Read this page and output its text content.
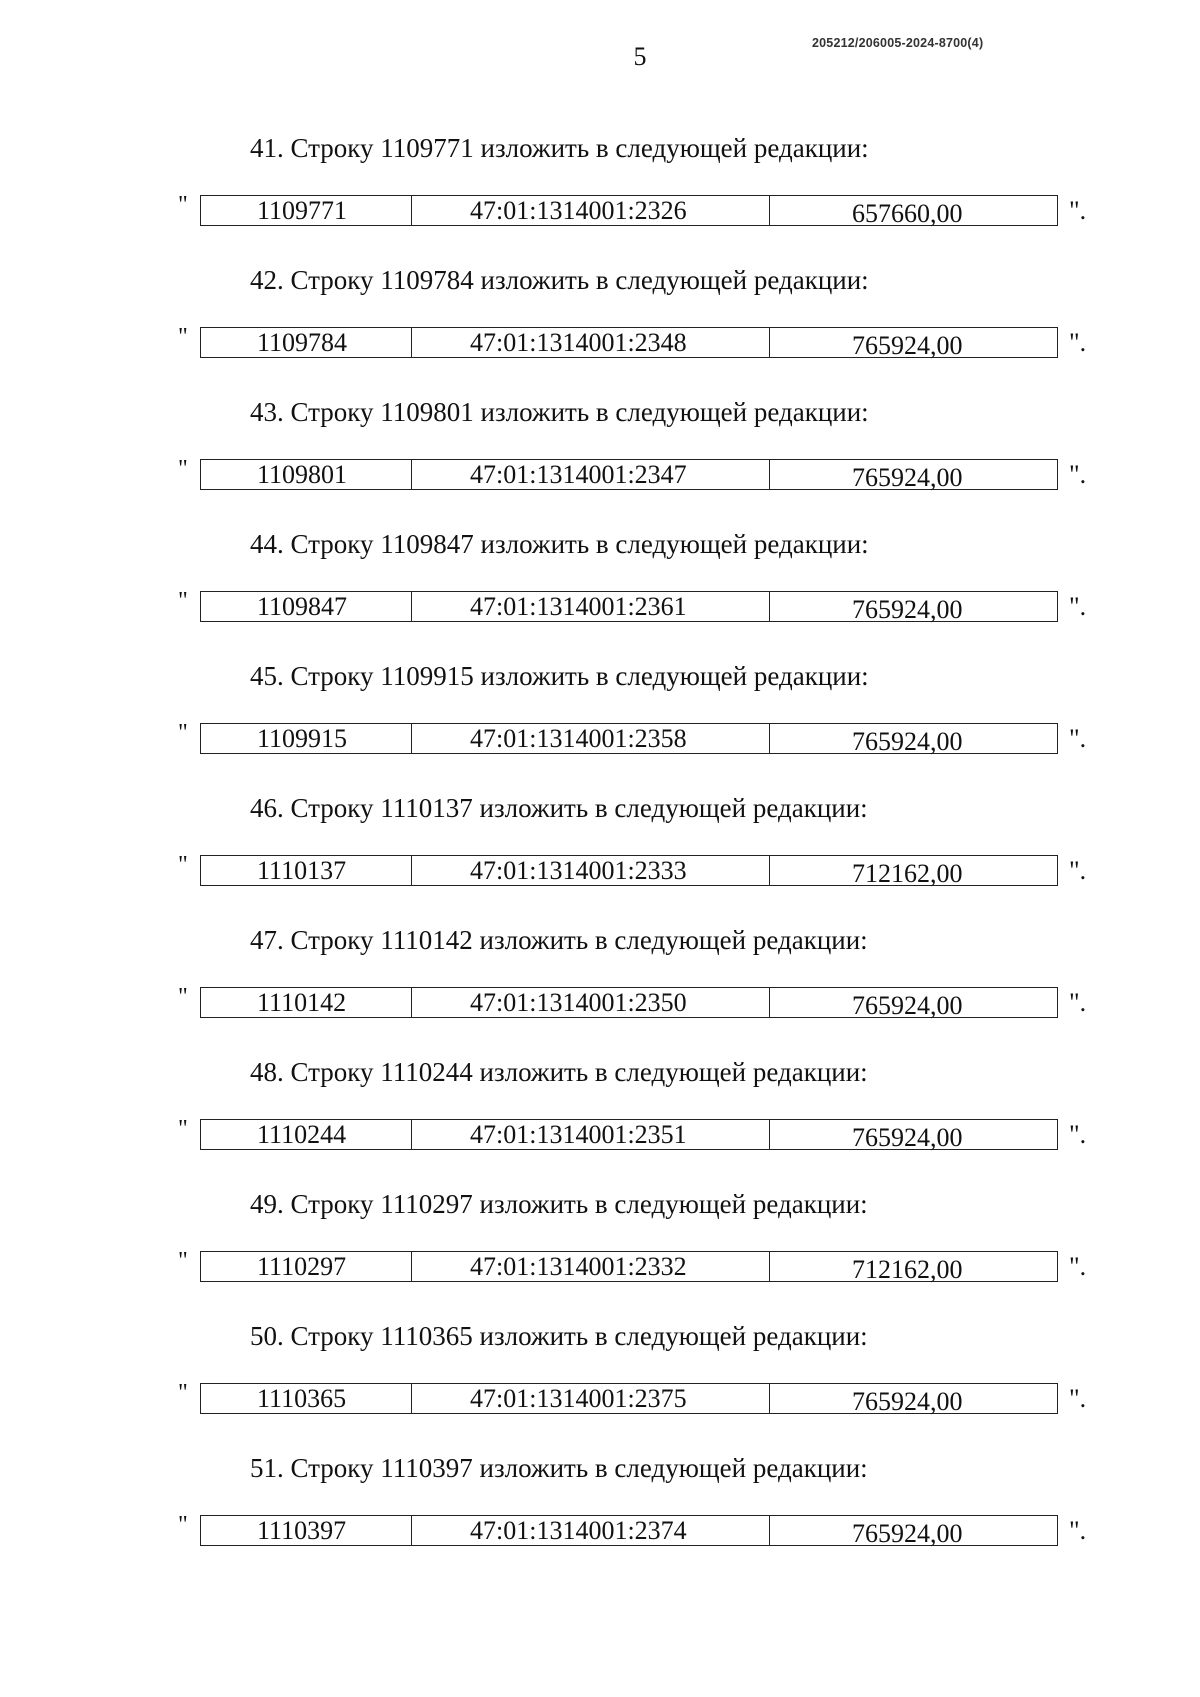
5	205212/206005-2024-8700(4)
41. Строку 1109771 изложить в следующей редакции:
"	1109771	47:01:1314001:2326	657660,00	".
42. Строку 1109784 изложить в следующей редакции:
"	1109784	47:01:1314001:2348	765924,00	".
43. Строку 1109801 изложить в следующей редакции:
"	1109801	47:01:1314001:2347	765924,00	".
44. Строку 1109847 изложить в следующей редакции:
"	1109847	47:01:1314001:2361	765924,00	".
45. Строку 1109915 изложить в следующей редакции:
"	1109915	47:01:1314001:2358	765924,00	".
46. Строку 1110137 изложить в следующей редакции:
"	1110137	47:01:1314001:2333	712162,00	".
47. Строку 1110142 изложить в следующей редакции:
"	1110142	47:01:1314001:2350	765924,00	".
48. Строку 1110244 изложить в следующей редакции:
"	1110244	47:01:1314001:2351	765924,00	".
49. Строку 1110297 изложить в следующей редакции:
"	1110297	47:01:1314001:2332	712162,00	".
50. Строку 1110365 изложить в следующей редакции:
"	1110365	47:01:1314001:2375	765924,00	".
51. Строку 1110397 изложить в следующей редакции:
"	1110397	47:01:1314001:2374	765924,00	".
